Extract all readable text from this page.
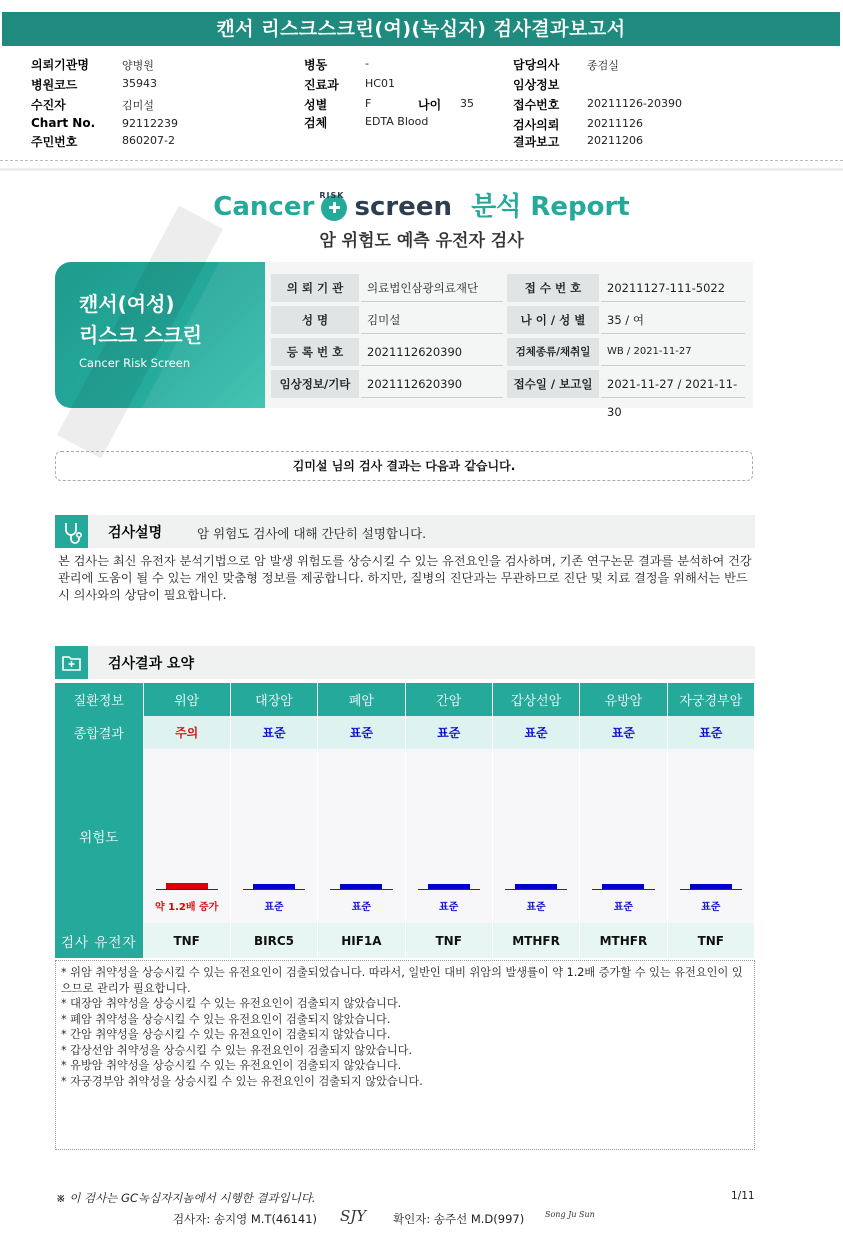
캔서 리스크스크린(여)(녹십자) 검사결과보고서
의뢰기관명	양병원
병원코드	35943
수진자	김미설
Chart No. 92112239
주민번호	860207-2
병동	-
진료과 HC01
성별	F	나이 35
검체	EDTA Blood
담당의사	종검실
임상정보
접수번호	20211126-20390
검사의뢰	20211126
결과보고	20211206
Cancer ✚
RISK screen 분석 Report
암 위험도 예측 유전자 검사
캔서(여성)
리스크 스크린
Cancer Risk Screen
의 뢰 기 관	의료법인삼광의료재단	접 수 번 호	20211127-111-5022
성 명	김미설	나 이 / 성 별	35 / 여
등 록 번 호	2021112620390	검체종류/채취일	WB / 2021-11-27
임상정보/기타	2021112620390	접수일 / 보고일	2021-11-27 / 2021-11-30
김미설 님의 검사 결과는 다음과 같습니다.
검사설명	암 위험도 검사에 대해 간단히 설명합니다.
본 검사는 최신 유전자 분석기법으로 암 발생 위험도를 상승시킬 수 있는 유전요인을 검사하며, 기존 연구논문 결과를 분석하여 건강 관리에 도움이 될 수 있는 개인 맞춤형 정보를 제공합니다. 하지만, 질병의 진단과는 무관하므로 진단 및 치료 결정을 위해서는 반드시 의사와의 상담이 필요합니다.
검사결과 요약
질환정보	위암	대장암	폐암	간암	갑상선암	유방암	자궁경부암
종합결과	주의	표준	표준	표준	표준	표준	표준
위험도	약 1.2배 증가	표준	표준	표준	표준	표준	표준

검사 유전자	TNF	BIRC5	HIF1A	TNF	MTHFR	MTHFR	TNF
* 위암 취약성을 상승시킬 수 있는 유전요인이 검출되었습니다. 따라서, 일반인 대비 위암의 발생률이 약 1.2배 증가할 수 있는 유전요인이 있으므로 관리가 필요합니다.
* 대장암 취약성을 상승시킬 수 있는 유전요인이 검출되지 않았습니다.
* 폐암 취약성을 상승시킬 수 있는 유전요인이 검출되지 않았습니다.
* 간암 취약성을 상승시킬 수 있는 유전요인이 검출되지 않았습니다.
* 갑상선암 취약성을 상승시킬 수 있는 유전요인이 검출되지 않았습니다.
* 유방암 취약성을 상승시킬 수 있는 유전요인이 검출되지 않았습니다.
* 자궁경부암 취약성을 상승시킬 수 있는 유전요인이 검출되지 않았습니다.
※ 이 검사는 GC녹십자지놈에서 시행한 결과입니다.	1/11
검사자: 송지영 M.T(46141) SJY 확인자: 송주선 M.D(997)	Song Ju Sun
